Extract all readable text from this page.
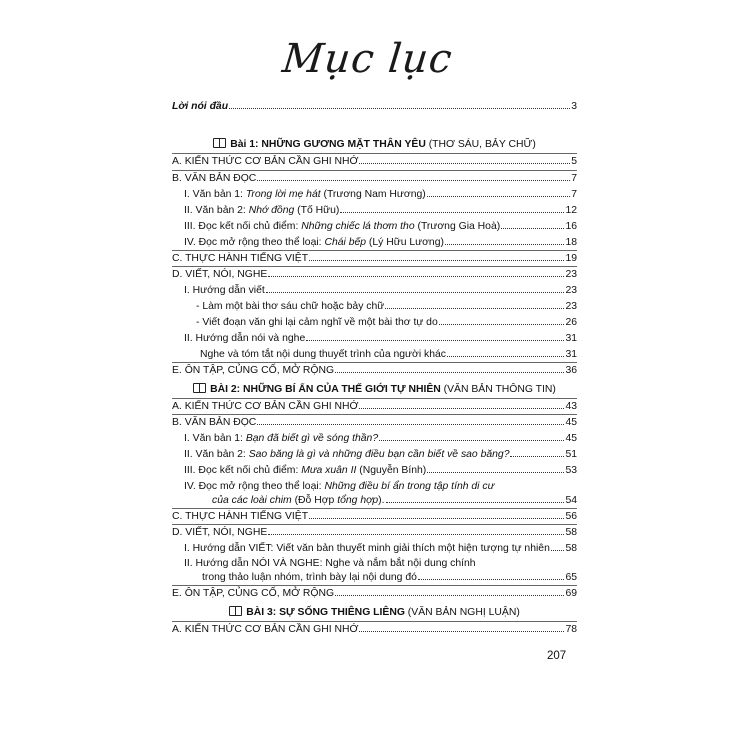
Mục lục
Lời nói đầu	3
Bài 1: NHỮNG GƯƠNG MẶT THÂN YÊU (THƠ SÁU, BẢY CHỮ)
A. KIẾN THỨC CƠ BẢN CẦN GHI NHỚ	5
B. VĂN BẢN ĐỌC	7
I. Văn bản 1: Trong lời mẹ hát (Trương Nam Hương)	7
II. Văn bản 2: Nhớ đồng (Tố Hữu)	12
III. Đọc kết nối chủ điểm: Những chiếc lá thơm tho (Trương Gia Hoà)	16
IV. Đọc mở rộng theo thể loại: Chái bếp (Lý Hữu Lương)	18
C. THỰC HÀNH TIẾNG VIỆT	19
D. VIẾT, NÓI, NGHE	23
I. Hướng dẫn viết	23
- Làm một bài thơ sáu chữ hoặc bảy chữ	23
- Viết đoạn văn ghi lại cảm nghĩ về một bài thơ tự do	26
II. Hướng dẫn nói và nghe	31
Nghe và tóm tắt nội dung thuyết trình của người khác	31
E. ÔN TẬP, CỦNG CỐ, MỞ RỘNG	36
BÀI 2: NHỮNG BÍ ẨN CỦA THẾ GIỚI TỰ NHIÊN (VĂN BẢN THÔNG TIN)
A. KIẾN THỨC CƠ BẢN CẦN GHI NHỚ	43
B. VĂN BẢN ĐỌC	45
I. Văn bản 1: Bạn đã biết gì về sóng thần?	45
II. Văn bản 2: Sao băng là gì và những điều bạn cần biết về sao băng?	51
III. Đọc kết nối chủ điểm: Mưa xuân II (Nguyễn Bính)	53
IV. Đọc mở rộng theo thể loại: Những điều bí ẩn trong tập tính di cư
của các loài chim (Đỗ Hợp tổng hợp).	54
C. THỰC HÀNH TIẾNG VIỆT	56
D. VIẾT, NÓI, NGHE	58
I. Hướng dẫn VIẾT: Viết văn bản thuyết minh giải thích một hiện tượng tự nhiên 58
II. Hướng dẫn NÓI VÀ NGHE: Nghe và nắm bắt nội dung chính
trong thảo luận nhóm, trình bày lại nội dung đó	65
E. ÔN TẬP, CỦNG CỐ, MỞ RỘNG	69
BÀI 3: SỰ SỐNG THIÊNG LIÊNG (VĂN BẢN NGHỊ LUẬN)
A. KIẾN THỨC CƠ BẢN CẦN GHI NHỚ	78
207
